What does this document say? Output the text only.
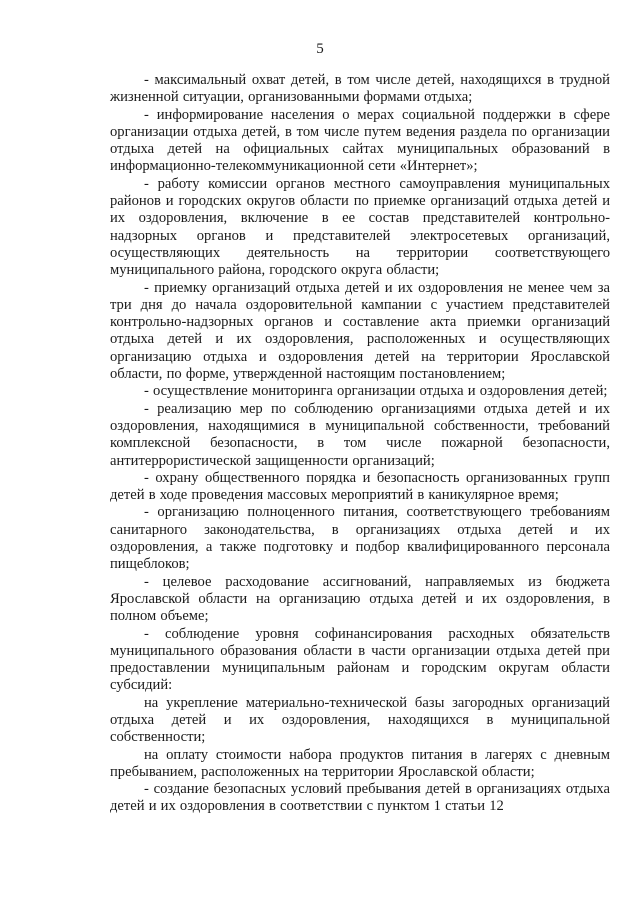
5

- максимальный охват детей, в том числе детей, находящихся в трудной жизненной ситуации, организованными формами отдыха;

- информирование населения о мерах социальной поддержки в сфере организации отдыха детей, в том числе путем ведения раздела по организации отдыха детей на официальных сайтах муниципальных образований в информационно-телекоммуникационной сети «Интернет»;

- работу комиссии органов местного самоуправления муниципальных районов и городских округов области по приемке организаций отдыха детей и их оздоровления, включение в ее состав представителей контрольно-надзорных органов и представителей электросетевых организаций, осуществляющих деятельность на территории соответствующего муниципального района, городского округа области;

- приемку организаций отдыха детей и их оздоровления не менее чем за три дня до начала оздоровительной кампании с участием представителей контрольно-надзорных органов и составление акта приемки организаций отдыха детей и их оздоровления, расположенных и осуществляющих организацию отдыха и оздоровления детей на территории Ярославской области, по форме, утвержденной настоящим постановлением;

- осуществление мониторинга организации отдыха и оздоровления детей;

- реализацию мер по соблюдению организациями отдыха детей и их оздоровления, находящимися в муниципальной собственности, требований комплексной безопасности, в том числе пожарной безопасности, антитеррористической защищенности организаций;

- охрану общественного порядка и безопасность организованных групп детей в ходе проведения массовых мероприятий в каникулярное время;

- организацию полноценного питания, соответствующего требованиям санитарного законодательства, в организациях отдыха детей и их оздоровления, а также подготовку и подбор квалифицированного персонала пищеблоков;

- целевое расходование ассигнований, направляемых из бюджета Ярославской области на организацию отдыха детей и их оздоровления, в полном объеме;

- соблюдение уровня софинансирования расходных обязательств муниципального образования области в части организации отдыха детей при предоставлении муниципальным районам и городским округам области субсидий:

на укрепление материально-технической базы загородных организаций отдыха детей и их оздоровления, находящихся в муниципальной собственности;

на оплату стоимости набора продуктов питания в лагерях с дневным пребыванием, расположенных на территории Ярославской области;

- создание безопасных условий пребывания детей в организациях отдыха детей и их оздоровления в соответствии с пунктом 1 статьи 12
